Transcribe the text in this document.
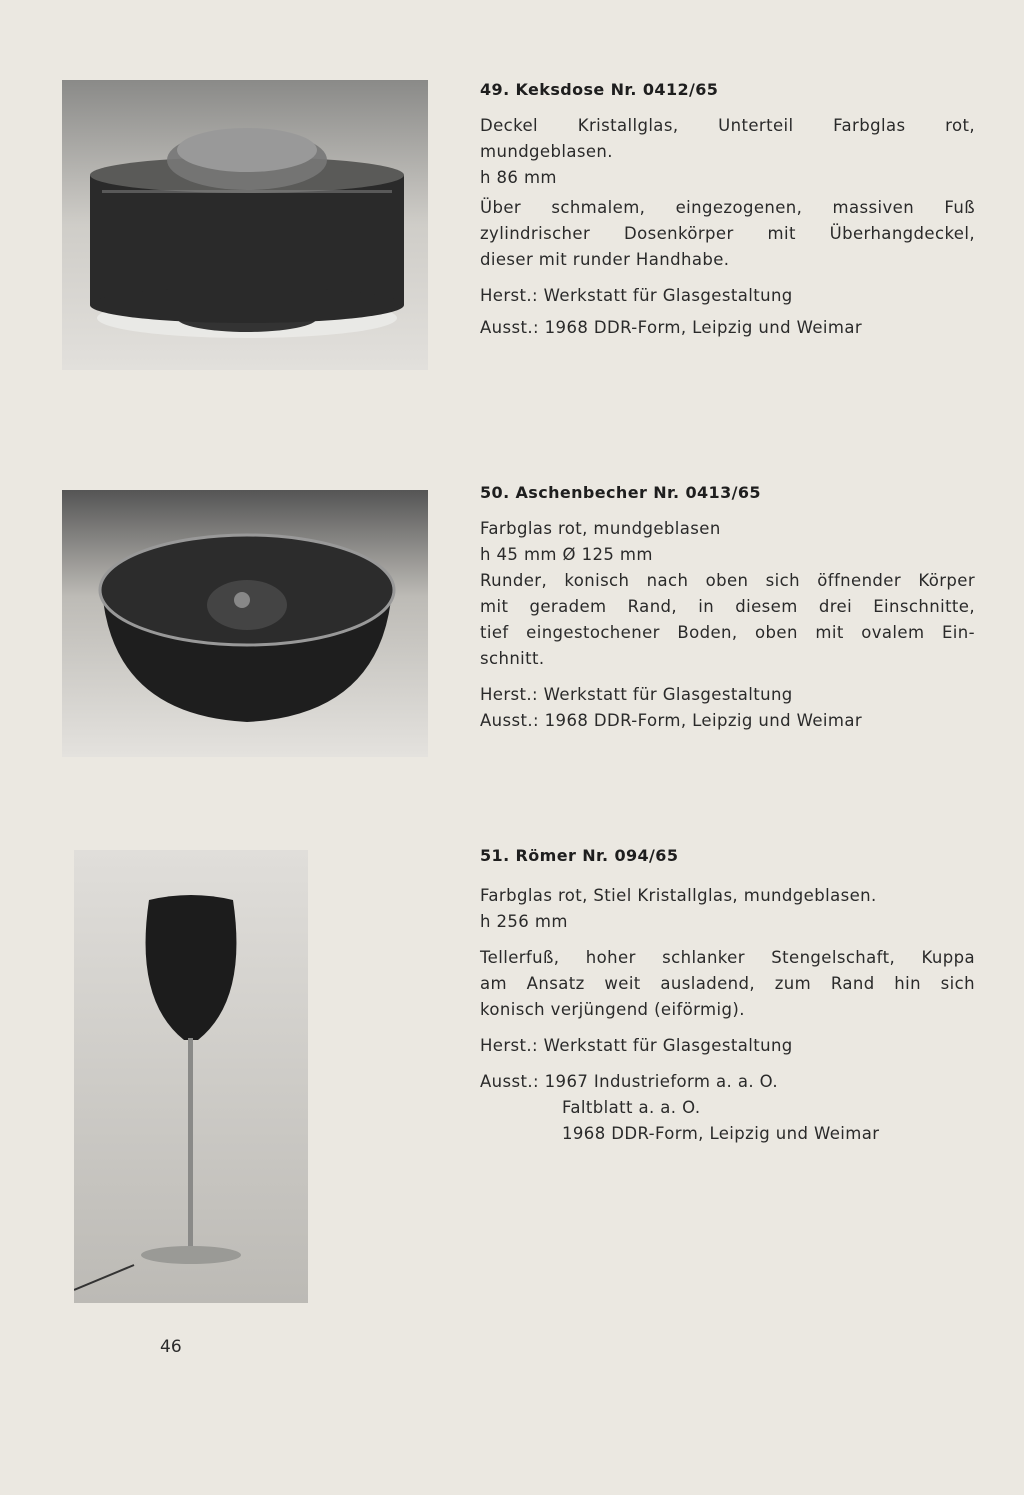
49. Keksdose Nr. 0412/65
Deckel Kristallglas, Unterteil Farbglas rot,
mundgeblasen.
h 86 mm
Über schmalem, eingezogenen, massiven Fuß
zylindrischer Dosenkörper mit Überhangdeckel,
dieser mit runder Handhabe.
Herst.: Werkstatt für Glasgestaltung
Ausst.: 1968 DDR-Form, Leipzig und Weimar
50. Aschenbecher Nr. 0413/65
Farbglas rot, mundgeblasen
h 45 mm Ø 125 mm
Runder, konisch nach oben sich öffnender Körper
mit geradem Rand, in diesem drei Einschnitte,
tief eingestochener Boden, oben mit ovalem Ein-
schnitt.
Herst.: Werkstatt für Glasgestaltung
Ausst.: 1968 DDR-Form, Leipzig und Weimar
51. Römer Nr. 094/65
Farbglas rot, Stiel Kristallglas, mundgeblasen.
h 256 mm
Tellerfuß, hoher schlanker Stengelschaft, Kuppa
am Ansatz weit ausladend, zum Rand hin sich
konisch verjüngend (eiförmig).
Herst.: Werkstatt für Glasgestaltung
Ausst.: 1967 Industrieform a. a. O.
Faltblatt a. a. O.
1968 DDR-Form, Leipzig und Weimar
46
